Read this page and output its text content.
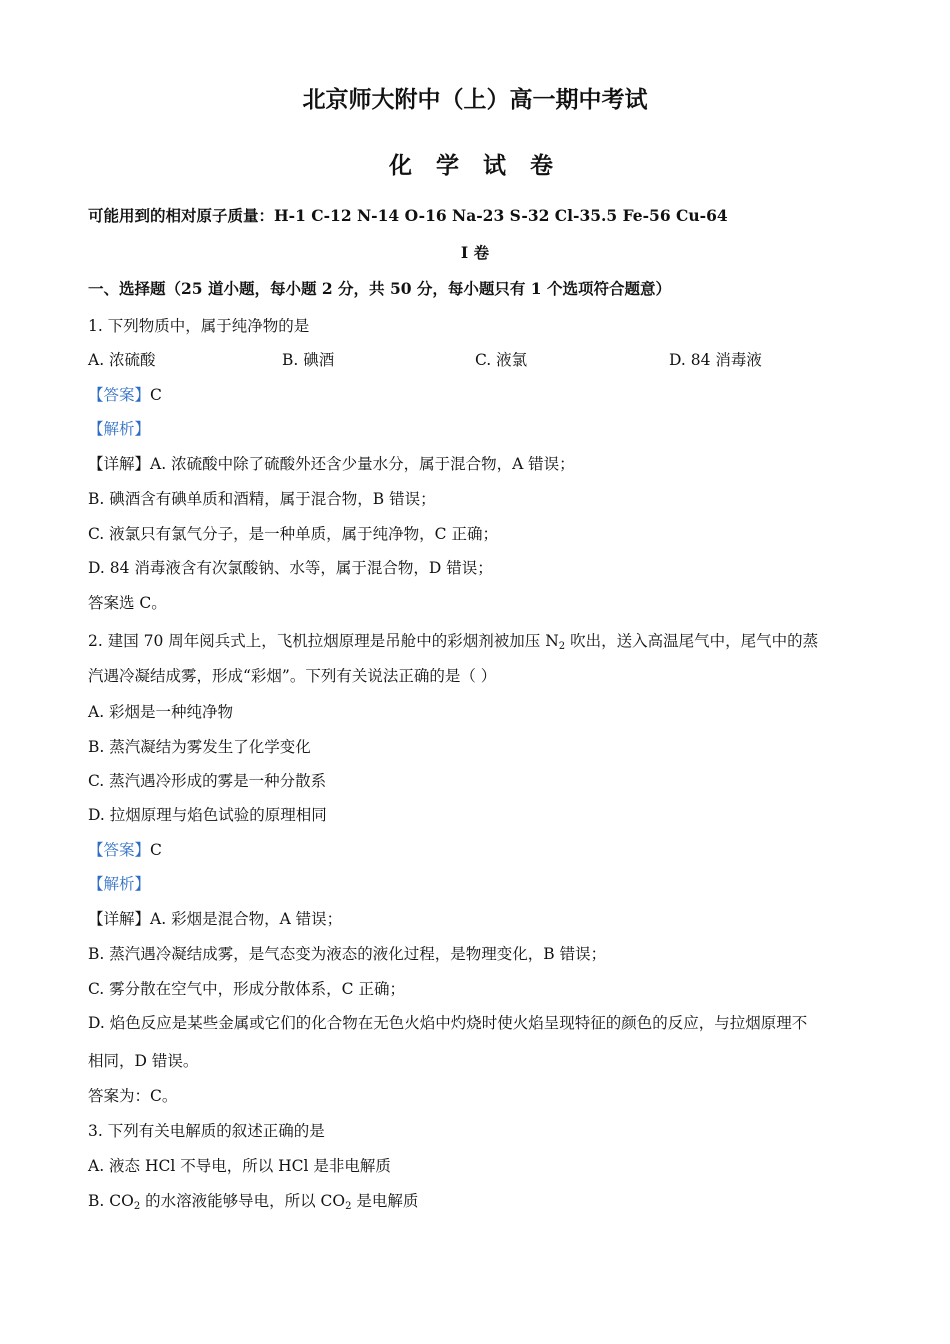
北京师大附中（上）高一期中考试
化 学 试 卷
可能用到的相对原子质量：H-1 C-12 N-14 O-16 Na-23 S-32 Cl-35.5 Fe-56 Cu-64
I 卷
一、选择题（25 道小题，每小题 2 分，共 50 分，每小题只有 1 个选项符合题意）
1. 下列物质中，属于纯净物的是
A. 浓硫酸	B. 碘酒	C. 液氯	D. 84 消毒液
【答案】C
【解析】
【详解】A. 浓硫酸中除了硫酸外还含少量水分，属于混合物，A 错误；
B. 碘酒含有碘单质和酒精，属于混合物，B 错误；
C. 液氯只有氯气分子，是一种单质，属于纯净物，C 正确；
D. 84 消毒液含有次氯酸钠、水等，属于混合物，D 错误；
答案选 C。
2. 建国 70 周年阅兵式上，飞机拉烟原理是吊舱中的彩烟剂被加压 $N_2$ 吹出，送入高温尾气中，尾气中的蒸
汽遇冷凝结成雾，形成“彩烟”。下列有关说法正确的是（ ）
A. 彩烟是一种纯净物
B. 蒸汽凝结为雾发生了化学变化
C. 蒸汽遇冷形成的雾是一种分散系
D. 拉烟原理与焰色试验的原理相同
【答案】C
【解析】
【详解】A. 彩烟是混合物，A 错误；
B. 蒸汽遇冷凝结成雾，是气态变为液态的液化过程，是物理变化，B 错误；
C. 雾分散在空气中，形成分散体系，C 正确；
D. 焰色反应是某些金属或它们的化合物在无色火焰中灼烧时使火焰呈现特征的颜色的反应，与拉烟原理不
相同，D 错误。
答案为：C。
3. 下列有关电解质的叙述正确的是
A. 液态 HCl 不导电，所以 HCl 是非电解质
B. $CO_2$ 的水溶液能够导电，所以 $CO_2$ 是电解质
